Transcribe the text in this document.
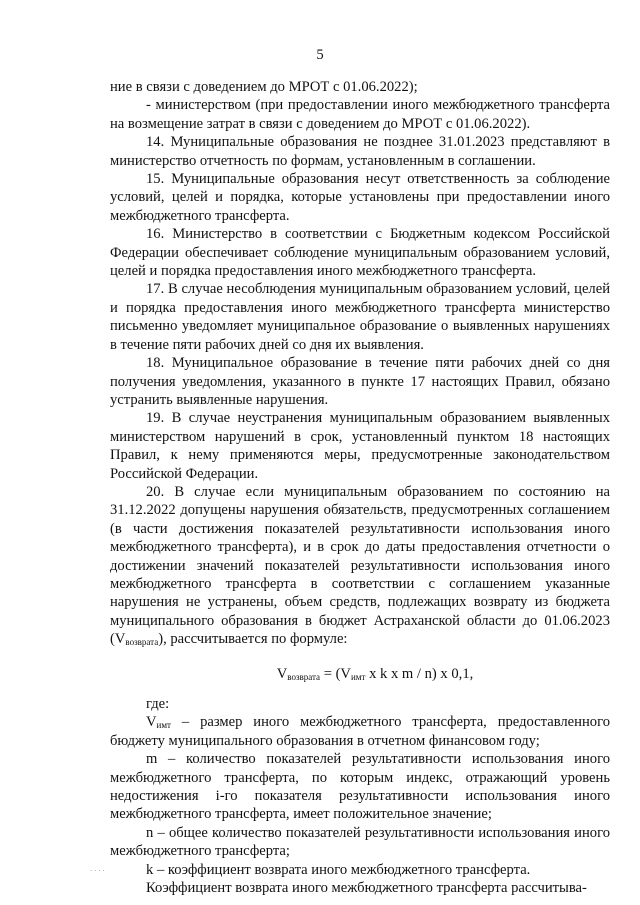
5

ние в связи с доведением до МРОТ с 01.06.2022);

- министерством (при предоставлении иного межбюджетного трансферта на возмещение затрат в связи с доведением до МРОТ с 01.06.2022).

14. Муниципальные образования не позднее 31.01.2023 представляют в министерство отчетность по формам, установленным в соглашении.

15. Муниципальные образования несут ответственность за соблюдение условий, целей и порядка, которые установлены при предоставлении иного межбюджетного трансферта.

16. Министерство в соответствии с Бюджетным кодексом Российской Федерации обеспечивает соблюдение муниципальным образованием условий, целей и порядка предоставления иного межбюджетного трансферта.

17. В случае несоблюдения муниципальным образованием условий, целей и порядка предоставления иного межбюджетного трансферта министерство письменно уведомляет муниципальное образование о выявленных нарушениях в течение пяти рабочих дней со дня их выявления.

18. Муниципальное образование в течение пяти рабочих дней со дня получения уведомления, указанного в пункте 17 настоящих Правил, обязано устранить выявленные нарушения.

19. В случае неустранения муниципальным образованием выявленных министерством нарушений в срок, установленный пунктом 18 настоящих Правил, к нему применяются меры, предусмотренные законодательством Российской Федерации.

20. В случае если муниципальным образованием по состоянию на 31.12.2022 допущены нарушения обязательств, предусмотренных соглашением (в части достижения показателей результативности использования иного межбюджетного трансферта), и в срок до даты предоставления отчетности о достижении значений показателей результативности использования иного межбюджетного трансферта в соответствии с соглашением указанные нарушения не устранены, объем средств, подлежащих возврату из бюджета муниципального образования в бюджет Астраханской области до 01.06.2023 $(V_{возврата})$, рассчитывается по формуле:

$V_{возврата} = (V_{имт}$ x k x m / n) x 0,1,

где:

$V_{имт}$ – размер иного межбюджетного трансферта, предоставленного бюджету муниципального образования в отчетном финансовом году;

m – количество показателей результативности использования иного межбюджетного трансферта, по которым индекс, отражающий уровень недостижения i-го показателя результативности использования иного межбюджетного трансферта, имеет положительное значение;

n – общее количество показателей результативности использования иного межбюджетного трансферта;

k – коэффициент возврата иного межбюджетного трансферта.

Коэффициент возврата иного межбюджетного трансферта рассчитыва-

· · · ·
